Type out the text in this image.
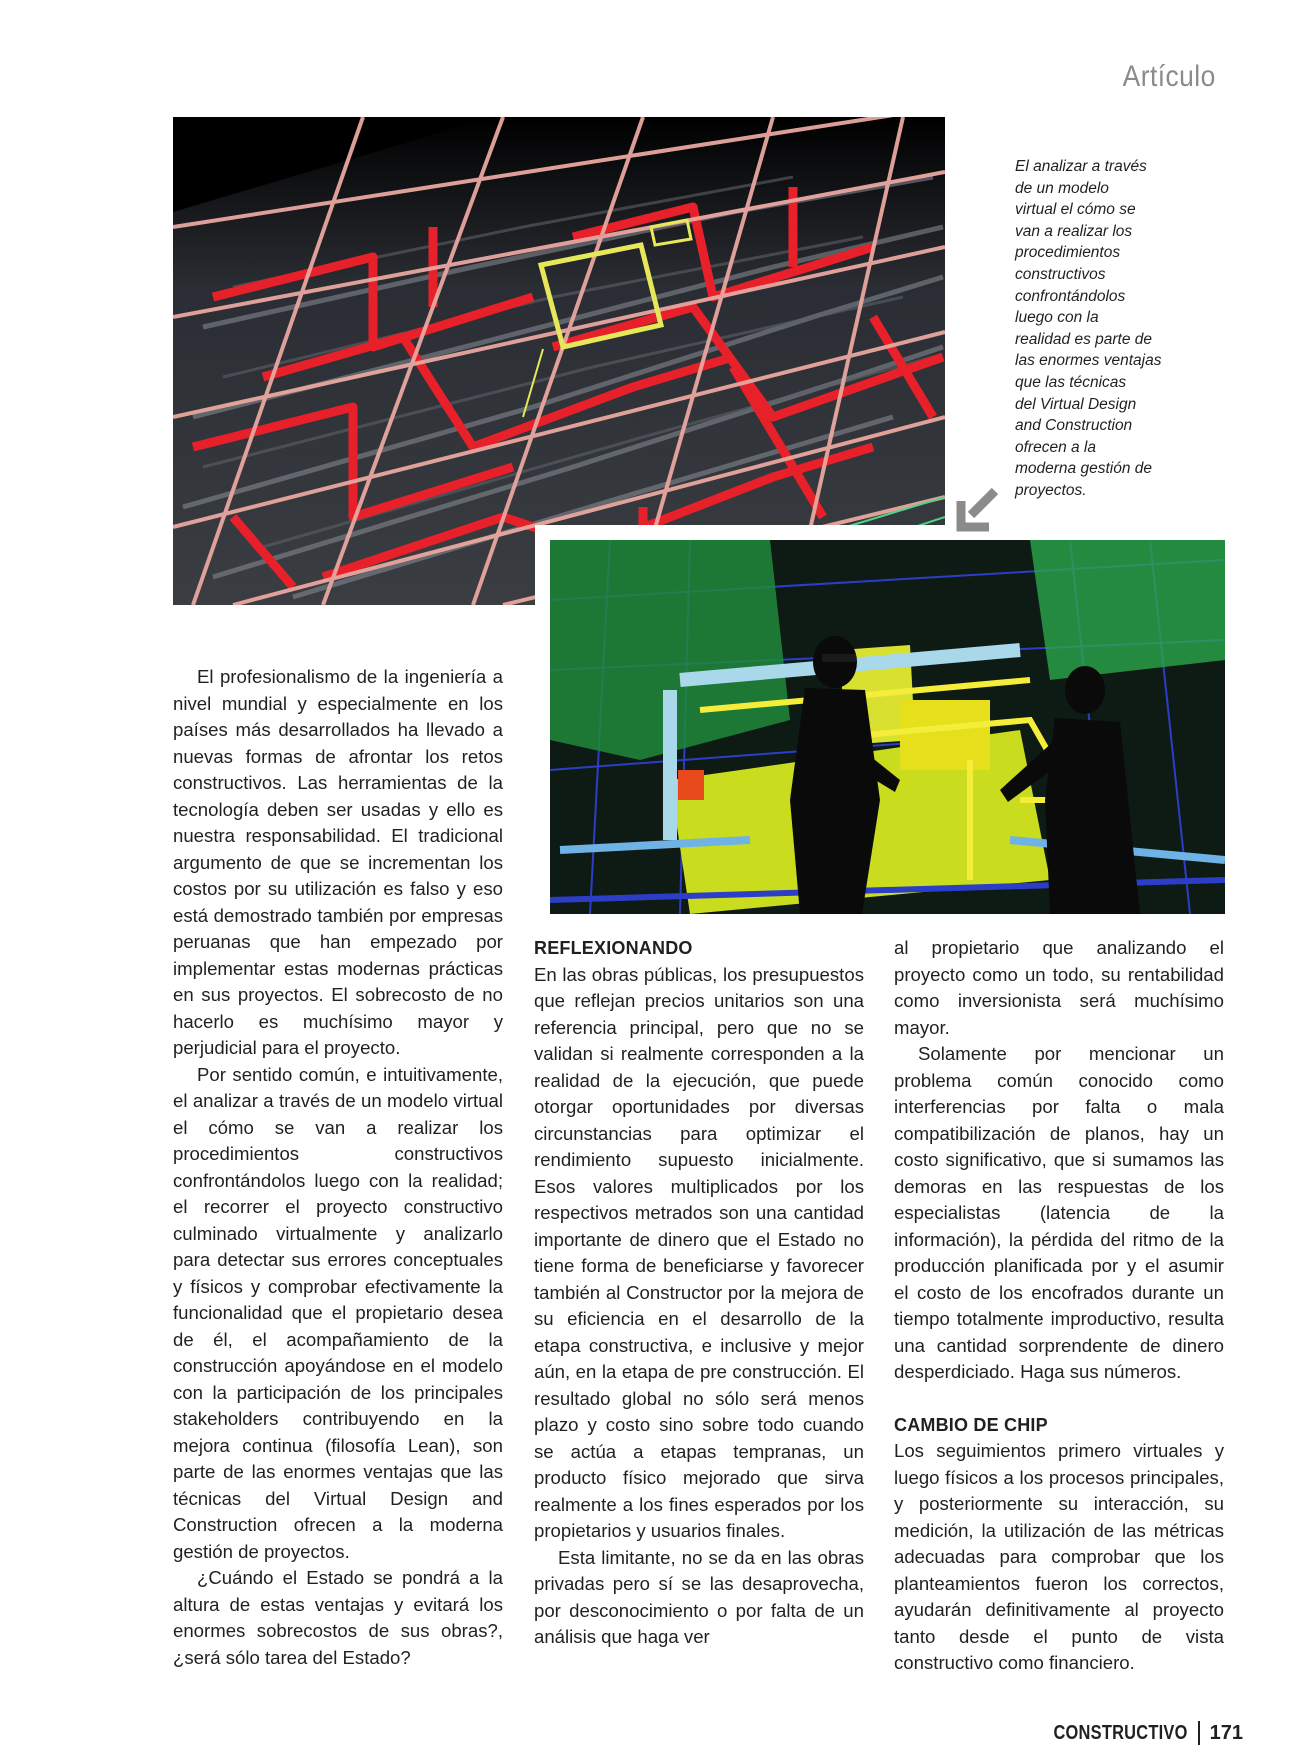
Artículo
El analizar a través
de un modelo
virtual el cómo se
van a realizar los
procedimientos
constructivos
confrontándolos
luego con la
realidad es parte de
las enormes ventajas
que las técnicas
del Virtual Design
and Construction
ofrecen a la
moderna gestión de
proyectos.

El profesionalismo de la ingeniería a nivel mundial y especialmente en los países más desarrollados ha llevado a nuevas formas de afrontar los retos constructivos. Las herramientas de la tecnología deben ser usadas y ello es nuestra responsabilidad. El tradicional argumento de que se incrementan los costos por su utilización es falso y eso está demostrado también por empresas peruanas que han empezado por implementar estas modernas prácticas en sus proyectos. El sobrecosto de no hacerlo es muchísimo mayor y perjudicial para el proyecto.

Por sentido común, e intuitivamente, el analizar a través de un modelo virtual el cómo se van a realizar los procedimientos constructivos confrontándolos luego con la realidad; el recorrer el proyecto constructivo culminado virtualmente y analizarlo para detectar sus errores conceptuales y físicos y comprobar efectivamente la funcionalidad que el propietario desea de él, el acompañamiento de la construcción apoyándose en el modelo con la participación de los principales stakeholders contribuyendo en la mejora continua (filosofía Lean), son parte de las enormes ventajas que las técnicas del Virtual Design and Construction ofrecen a la moderna gestión de proyectos.

¿Cuándo el Estado se pondrá a la altura de estas ventajas y evitará los enormes sobrecostos de sus obras?, ¿será sólo tarea del Estado?

REFLEXIONANDO

En las obras públicas, los presupuestos que reflejan precios unitarios son una referencia principal, pero que no se validan si realmente corresponden a la realidad de la ejecución, que puede otorgar oportunidades por diversas circunstancias para optimizar el rendimiento supuesto inicialmente. Esos valores multiplicados por los respectivos metrados son una cantidad importante de dinero que el Estado no tiene forma de beneficiarse y favorecer también al Constructor por la mejora de su eficiencia en el desarrollo de la etapa constructiva, e inclusive y mejor aún, en la etapa de pre construcción. El resultado global no sólo será menos plazo y costo sino sobre todo cuando se actúa a etapas tempranas, un producto físico mejorado que sirva realmente a los fines esperados por los propietarios y usuarios finales.

Esta limitante, no se da en las obras privadas pero sí se las desaprovecha, por desconocimiento o por falta de un análisis que haga ver

al propietario que analizando el proyecto como un todo, su rentabilidad como inversionista será muchísimo mayor.

Solamente por mencionar un problema común conocido como interferencias por falta o mala compatibilización de planos, hay un costo significativo, que si sumamos las demoras en las respuestas de los especialistas (latencia de la información), la pérdida del ritmo de la producción planificada por y el asumir el costo de los encofrados durante un tiempo totalmente improductivo, resulta una cantidad sorprendente de dinero desperdiciado. Haga sus números.

CAMBIO DE CHIP

Los seguimientos primero virtuales y luego físicos a los procesos principales, y posteriormente su interacción, su medición, la utilización de las métricas adecuadas para comprobar que los planteamientos fueron los correctos, ayudarán definitivamente al proyecto tanto desde el punto de vista constructivo como financiero.

CONSTRUCTIVO 171
